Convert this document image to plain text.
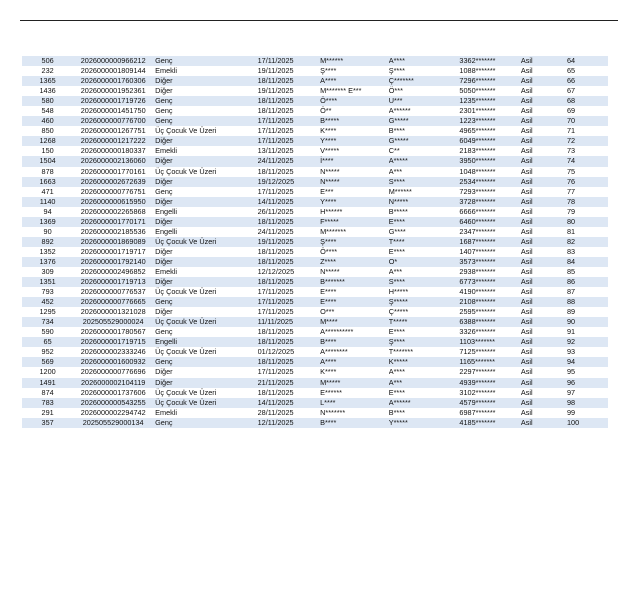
506	2026000000966212	Genç	17/11/2025	M******	A****	3362*******	Asil	64
232	2026000001809144	Emekli	19/11/2025	Ş****	Ş****	1088*******	Asil	65
1365	2026000001760306	Diğer	18/11/2025	A****	Ç*******	7296*******	Asil	66
1436	2026000001952361	Diğer	19/11/2025	M******* E***	Ö***	5050*******	Asil	67
580	2026000001719726	Genç	18/11/2025	Ö****	U***	1235*******	Asil	68
548	2026000001451750	Genç	18/11/2025	Ö**	A******	2301*******	Asil	69
460	2026000000776700	Genç	17/11/2025	B*****	G*****	1223*******	Asil	70
850	2026000001267751	Üç Çocuk Ve Üzeri	17/11/2025	K****	B****	4965*******	Asil	71
1268	2026000001217222	Diğer	17/11/2025	Y****	G*****	6049*******	Asil	72
150	2026000000180337	Emekli	13/11/2025	V*****	C**	2183*******	Asil	73
1504	2026000002136060	Diğer	24/11/2025	İ****	A*****	3950*******	Asil	74
878	2026000001770161	Üç Çocuk Ve Üzeri	18/11/2025	N*****	A***	1048*******	Asil	75
1663	2026000002672639	Diğer	19/12/2025	N*****	S****	2534*******	Asil	76
471	2026000000776751	Genç	17/11/2025	E***	M******	7293*******	Asil	77
1140	2026000000615950	Diğer	14/11/2025	Y****	N*****	3728*******	Asil	78
94	2026000002265868	Engelli	26/11/2025	H******	B*****	6666*******	Asil	79
1369	2026000001770171	Diğer	18/11/2025	F*****	E****	6460*******	Asil	80
90	2026000002185536	Engelli	24/11/2025	M*******	G****	2347*******	Asil	81
892	2026000001869089	Üç Çocuk Ve Üzeri	19/11/2025	Ş****	T****	1687*******	Asil	82
1352	2026000001719717	Diğer	18/11/2025	Ö****	E****	1407*******	Asil	83
1376	2026000001792140	Diğer	18/11/2025	Z****	O*	3573*******	Asil	84
309	2026000002496852	Emekli	12/12/2025	N*****	A***	2938*******	Asil	85
1351	2026000001719713	Diğer	18/11/2025	B*******	S****	6773*******	Asil	86
793	2026000000776537	Üç Çocuk Ve Üzeri	17/11/2025	E****	H*****	4190*******	Asil	87
452	2026000000776665	Genç	17/11/2025	E****	Ş*****	2108*******	Asil	88
1295	2026000001321028	Diğer	17/11/2025	O***	Ç*****	2595*******	Asil	89
734	202505529000024	Üç Çocuk Ve Üzeri	11/11/2025	M****	T*****	6388*******	Asil	90
590	2026000001780567	Genç	18/11/2025	A**********	E****	3326*******	Asil	91
65	2026000001719715	Engelli	18/11/2025	B****	Ş****	1103*******	Asil	92
952	2026000002333246	Üç Çocuk Ve Üzeri	01/12/2025	A********	T*******	7125*******	Asil	93
569	2026000001600932	Genç	18/11/2025	A****	K*****	1165*******	Asil	94
1200	2026000000776696	Diğer	17/11/2025	K****	A****	2297*******	Asil	95
1491	2026000002104119	Diğer	21/11/2025	M*****	A***	4939*******	Asil	96
874	2026000001737606	Üç Çocuk Ve Üzeri	18/11/2025	E******	E****	3102*******	Asil	97
783	2026000000543255	Üç Çocuk Ve Üzeri	14/11/2025	L****	A******	4579*******	Asil	98
291	2026000002294742	Emekli	28/11/2025	N*******	B****	6987*******	Asil	99
357	202505529000134	Genç	12/11/2025	B****	Y*****	4185*******	Asil	100
